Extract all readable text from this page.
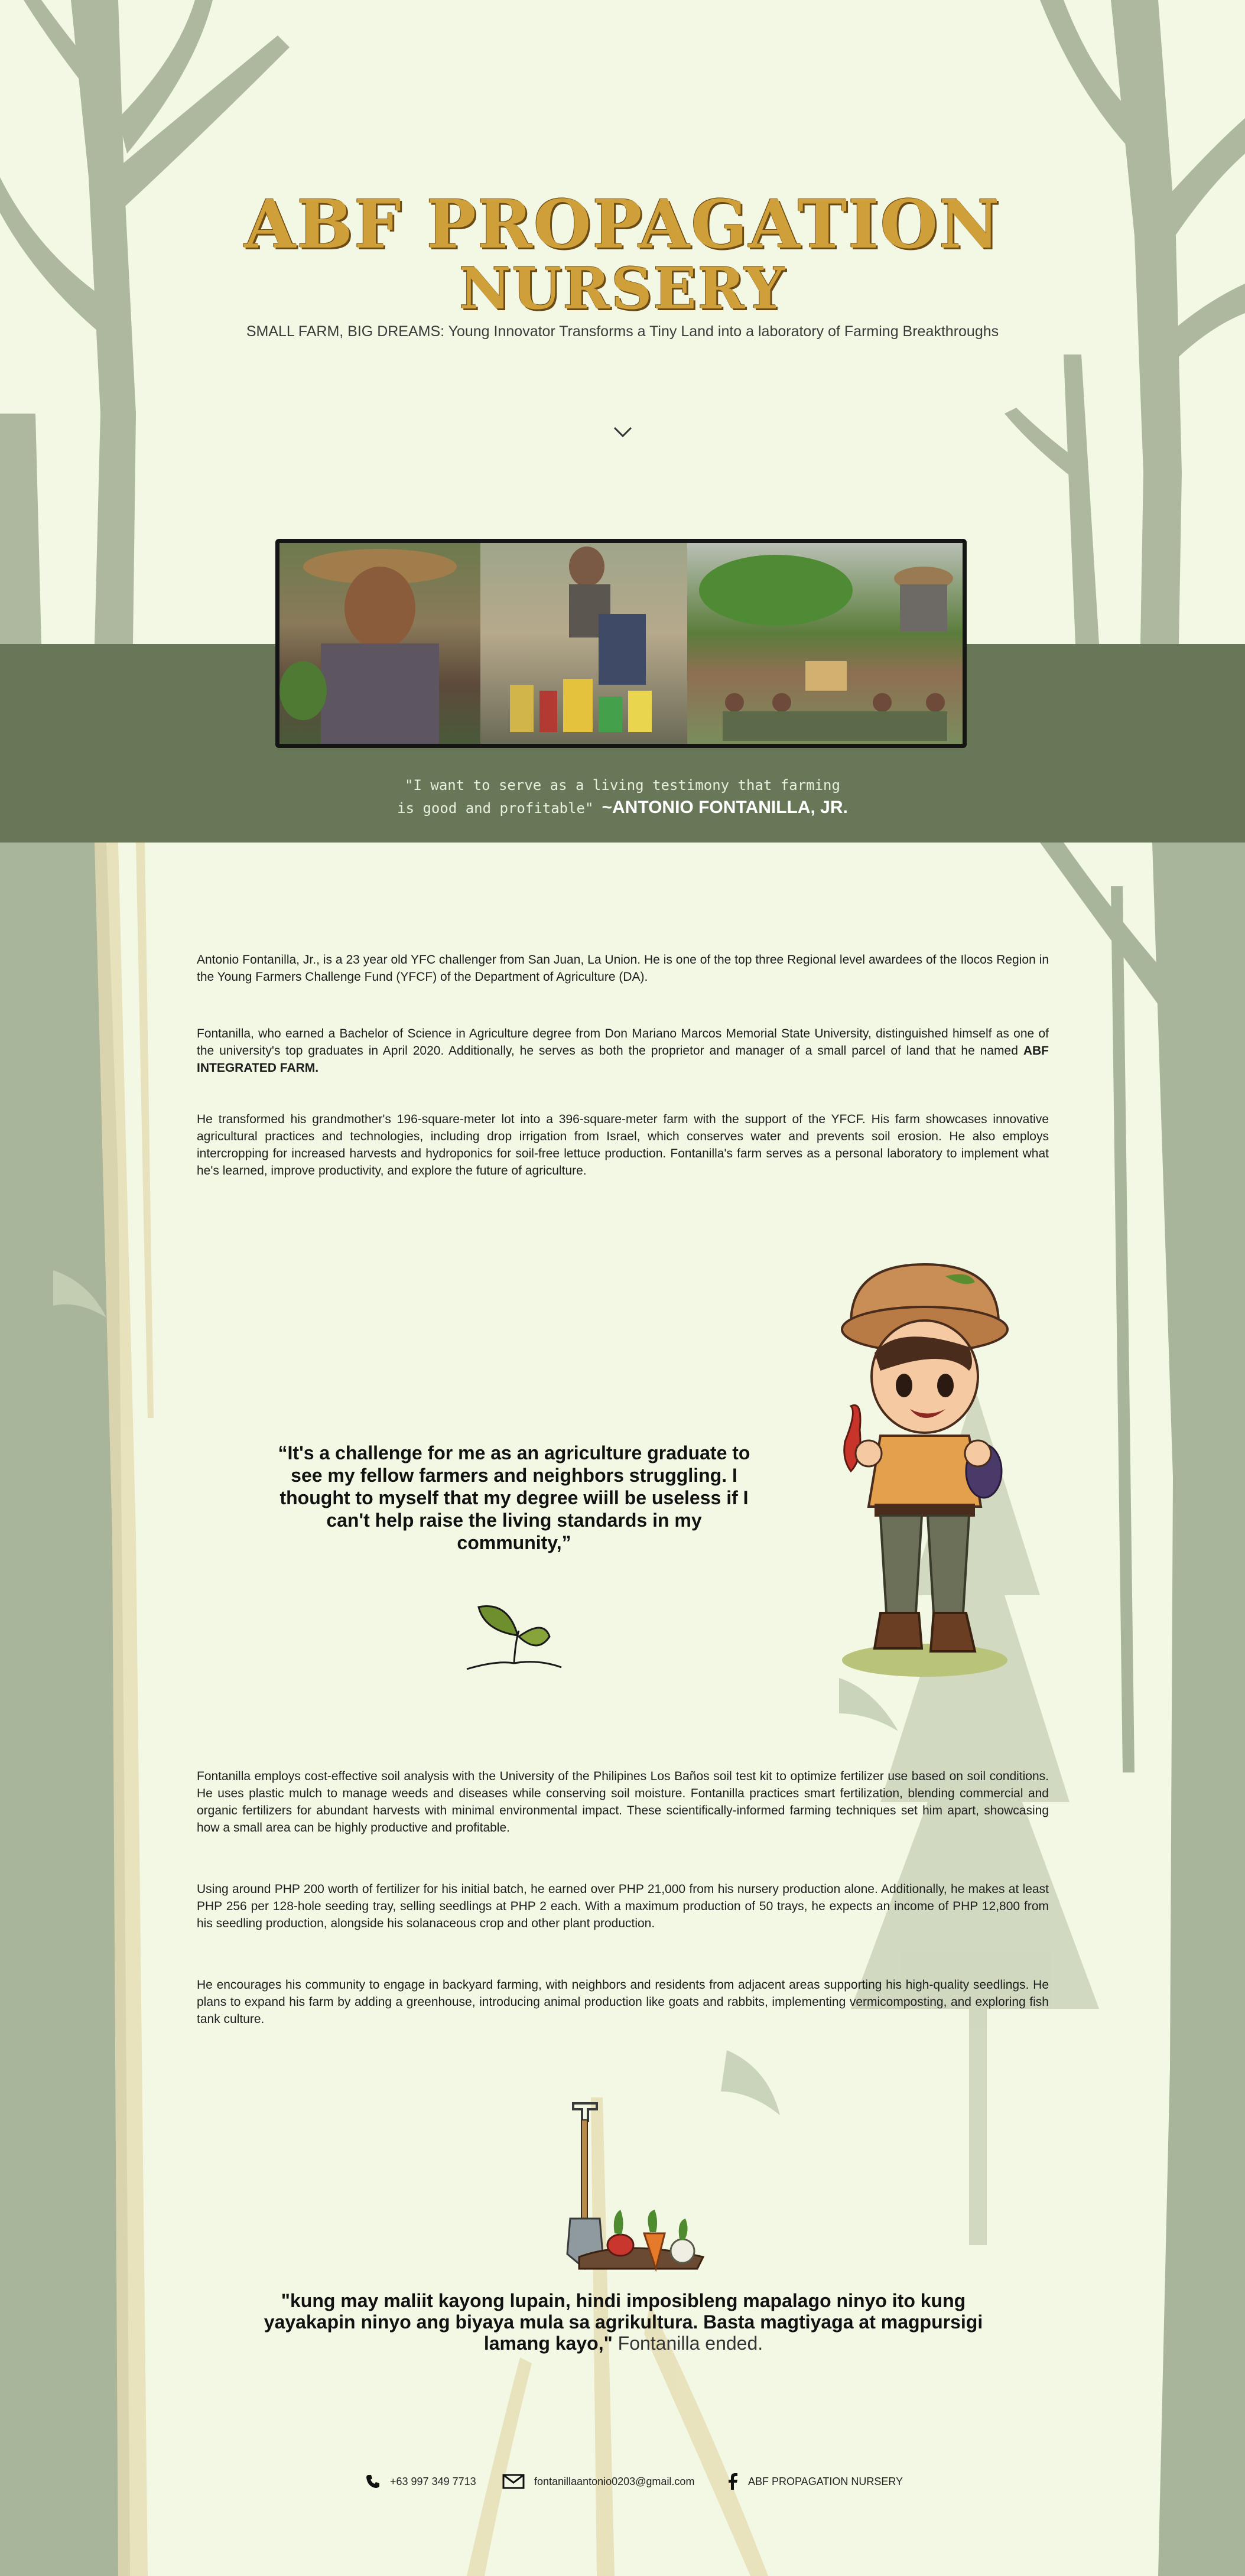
ABF PROPAGATION
NURSERY
SMALL FARM, BIG DREAMS: Young Innovator Transforms a Tiny Land into a laboratory of Farming Breakthroughs
"I want to serve as a living testimony that farming
is good and profitable" ~ANTONIO FONTANILLA, JR.
Antonio Fontanilla, Jr., is a 23 year old YFC challenger from San Juan, La Union. He is one of the top three Regional level awardees of the Ilocos Region in the Young Farmers Challenge Fund (YFCF) of the Department of Agriculture (DA).
Fontanilla, who earned a Bachelor of Science in Agriculture degree from Don Mariano Marcos Memorial State University, distinguished himself as one of the university's top graduates in April 2020. Additionally, he serves as both the proprietor and manager of a small parcel of land that he named ABF INTEGRATED FARM.
He transformed his grandmother's 196-square-meter lot into a 396-square-meter farm with the support of the YFCF. His farm showcases innovative agricultural practices and technologies, including drop irrigation from Israel, which conserves water and prevents soil erosion. He also employs intercropping for increased harvests and hydroponics for soil-free lettuce production. Fontanilla's farm serves as a personal laboratory to implement what he's learned, improve productivity, and explore the future of agriculture.
“It's a challenge for me as an agriculture graduate to see my fellow farmers and neighbors struggling. I thought to myself that my degree wiill be useless if I can't help raise the living standards in my community,”
Fontanilla employs cost-effective soil analysis with the University of the Philipines Los Baños soil test kit to optimize fertilizer use based on soil conditions. He uses plastic mulch to manage weeds and diseases while conserving soil moisture. Fontanilla practices smart fertilization, blending commercial and organic fertilizers for abundant harvests with minimal environmental impact. These scientifically-informed farming techniques set him apart, showcasing how a small area can be highly productive and profitable.
Using around PHP 200 worth of fertilizer for his initial batch, he earned over PHP 21,000 from his nursery production alone. Additionally, he makes at least PHP 256 per 128-hole seeding tray, selling seedlings at PHP 2 each. With a maximum production of 50 trays, he expects an income of PHP 12,800 from his seedling production, alongside his solanaceous crop and other plant production.
He encourages his community to engage in backyard farming, with neighbors and residents from adjacent areas supporting his high-quality seedlings. He plans to expand his farm by adding a greenhouse, introducing animal production like goats and rabbits, implementing vermicomposting, and exploring fish tank culture.
"kung may maliit kayong lupain, hindi imposibleng mapalago ninyo ito kung yayakapin ninyo ang biyaya mula sa agrikultura. Basta magtiyaga at magpursigi lamang kayo," Fontanilla ended.
+63 997 349 7713	fontanillaantonio0203@gmail.com	ABF PROPAGATION NURSERY
